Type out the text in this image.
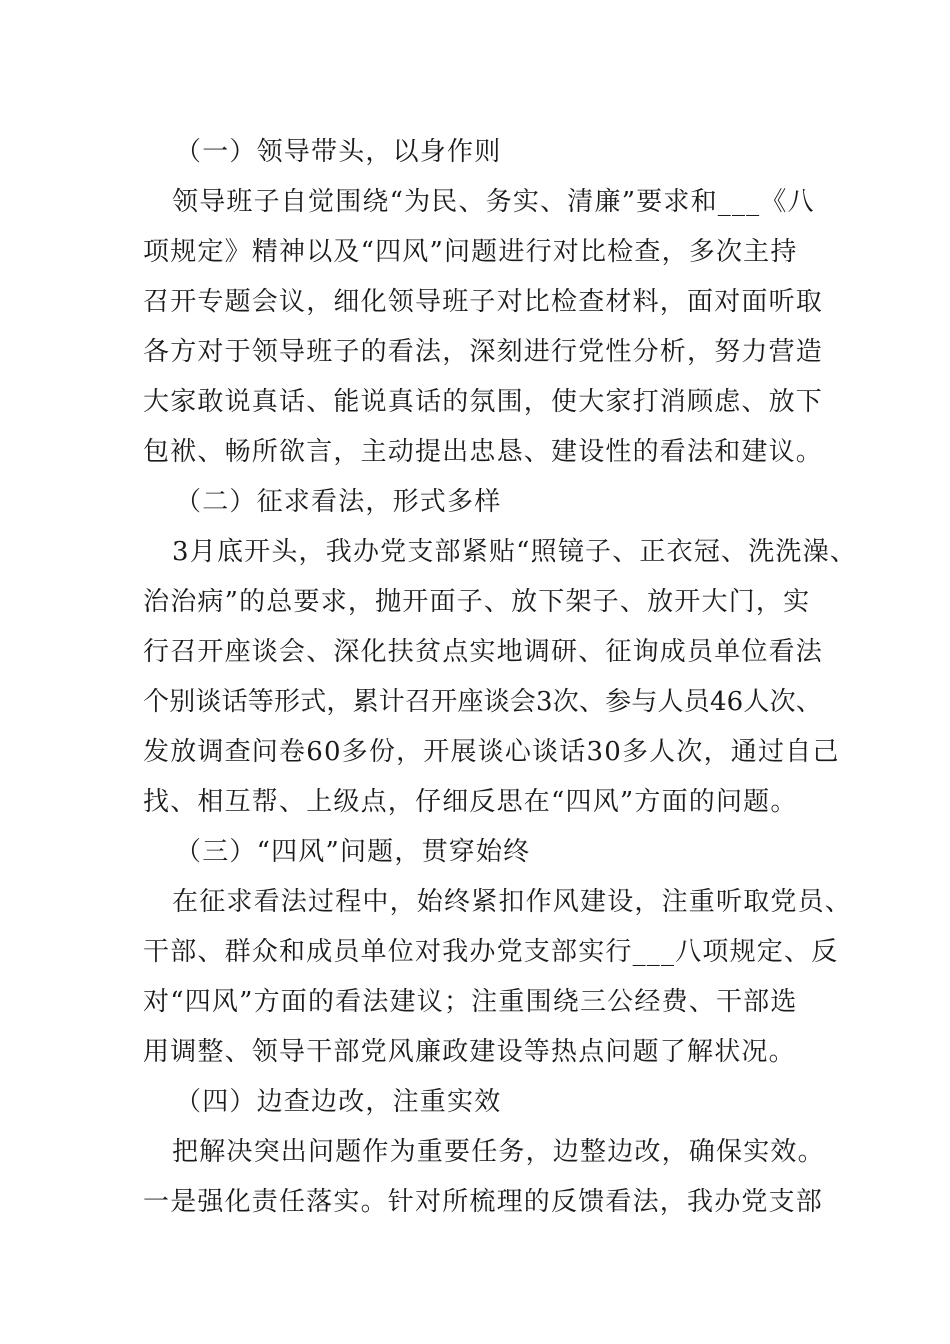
（一）领导带头，以身作则
领导班子自觉围绕“为民、务实、清廉”要求和___《八
项规定》精神以及“四风”问题进行对比检查，多次主持
召开专题会议，细化领导班子对比检查材料，面对面听取
各方对于领导班子的看法，深刻进行党性分析，努力营造
大家敢说真话、能说真话的氛围，使大家打消顾虑、放下
包袱、畅所欲言，主动提出忠恳、建设性的看法和建议。
（二）征求看法，形式多样
3月底开头，我办党支部紧贴“照镜子、正衣冠、洗洗澡、
治治病”的总要求，抛开面子、放下架子、放开大门，实
行召开座谈会、深化扶贫点实地调研、征询成员单位看法
个别谈话等形式，累计召开座谈会3次、参与人员46人次、
发放调查问卷60多份，开展谈心谈话30多人次，通过自己
找、相互帮、上级点，仔细反思在“四风”方面的问题。
（三）“四风”问题，贯穿始终
在征求看法过程中，始终紧扣作风建设，注重听取党员、
干部、群众和成员单位对我办党支部实行___八项规定、反
对“四风”方面的看法建议；注重围绕三公经费、干部选
用调整、领导干部党风廉政建设等热点问题了解状况。
（四）边查边改，注重实效
把解决突出问题作为重要任务，边整边改，确保实效。
一是强化责任落实。针对所梳理的反馈看法，我办党支部
